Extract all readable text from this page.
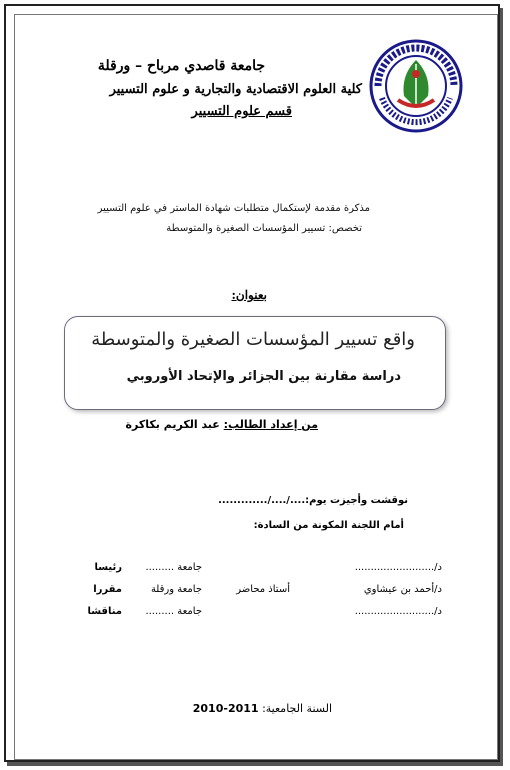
جامعة قاصدي مرباح – ورقلة
كلية العلوم الاقتصادية والتجارية و علوم التسيير
قسم علوم التسيير
مذكرة مقدمة لإستكمال متطلبات شهادة الماستر في علوم التسيير
تخصص: تسيير المؤسسات الصغيرة والمتوسطة
بعنوان:
واقع تسيير المؤسسات الصغيرة والمتوسطة
دراسة مقارنة بين الجزائر والإتحاد الأوروبي
من إعداد الطالب: عبد الكريم بكاكرة
نوقشت وأجيزت يوم:..../..../.............
أمام اللجنة المكونة من السادة:
د/.........................
جامعة .........
رئيسا
د/أحمد بن عيشاوي
أستاذ محاضر
جامعة ورقلة
مقررا
د/.........................
جامعة .........
مناقشا
السنة الجامعية: 2011-2010
